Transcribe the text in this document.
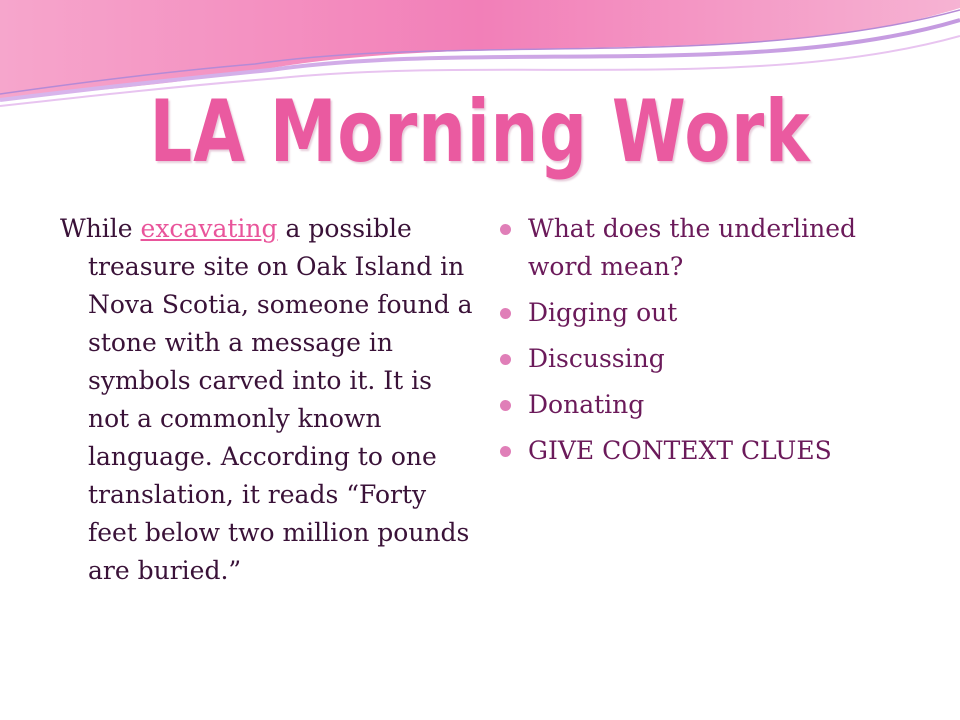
LA Morning Work

While excavating a possible treasure site on Oak Island in Nova Scotia, someone found a stone with a message in symbols carved into it. It is not a commonly known language. According to one translation, it reads “Forty feet below two million pounds are buried.”

What does the underlined word mean?
Digging out
Discussing
Donating
GIVE CONTEXT CLUES
